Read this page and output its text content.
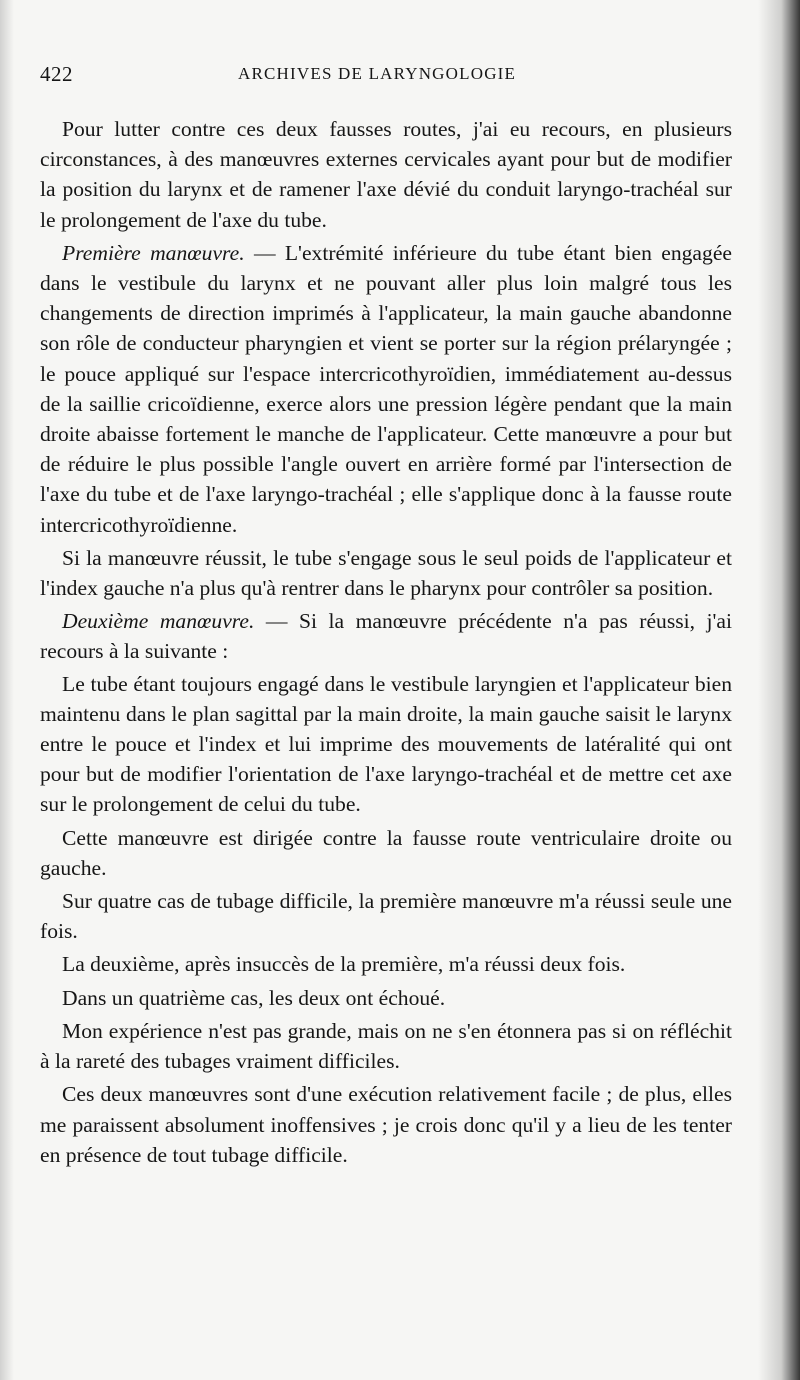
422	ARCHIVES DE LARYNGOLOGIE

Pour lutter contre ces deux fausses routes, j'ai eu recours, en plusieurs circonstances, à des manœuvres externes cervicales ayant pour but de modifier la position du larynx et de ramener l'axe dévié du conduit laryngo-trachéal sur le prolongement de l'axe du tube.

Première manœuvre. — L'extrémité inférieure du tube étant bien engagée dans le vestibule du larynx et ne pouvant aller plus loin malgré tous les changements de direction imprimés à l'applicateur, la main gauche abandonne son rôle de conducteur pharyngien et vient se porter sur la région prélaryngée ; le pouce appliqué sur l'espace intercricothyroïdien, immédiatement au-dessus de la saillie cricoïdienne, exerce alors une pression légère pendant que la main droite abaisse fortement le manche de l'applicateur. Cette manœuvre a pour but de réduire le plus possible l'angle ouvert en arrière formé par l'intersection de l'axe du tube et de l'axe laryngo-trachéal ; elle s'applique donc à la fausse route intercricothyroïdienne.

Si la manœuvre réussit, le tube s'engage sous le seul poids de l'applicateur et l'index gauche n'a plus qu'à rentrer dans le pharynx pour contrôler sa position.

Deuxième manœuvre. — Si la manœuvre précédente n'a pas réussi, j'ai recours à la suivante :

Le tube étant toujours engagé dans le vestibule laryngien et l'applicateur bien maintenu dans le plan sagittal par la main droite, la main gauche saisit le larynx entre le pouce et l'index et lui imprime des mouvements de latéralité qui ont pour but de modifier l'orientation de l'axe laryngo-trachéal et de mettre cet axe sur le prolongement de celui du tube.

Cette manœuvre est dirigée contre la fausse route ventriculaire droite ou gauche.

Sur quatre cas de tubage difficile, la première manœuvre m'a réussi seule une fois.

La deuxième, après insuccès de la première, m'a réussi deux fois.

Dans un quatrième cas, les deux ont échoué.

Mon expérience n'est pas grande, mais on ne s'en étonnera pas si on réfléchit à la rareté des tubages vraiment difficiles.

Ces deux manœuvres sont d'une exécution relativement facile ; de plus, elles me paraissent absolument inoffensives ; je crois donc qu'il y a lieu de les tenter en présence de tout tubage difficile.
